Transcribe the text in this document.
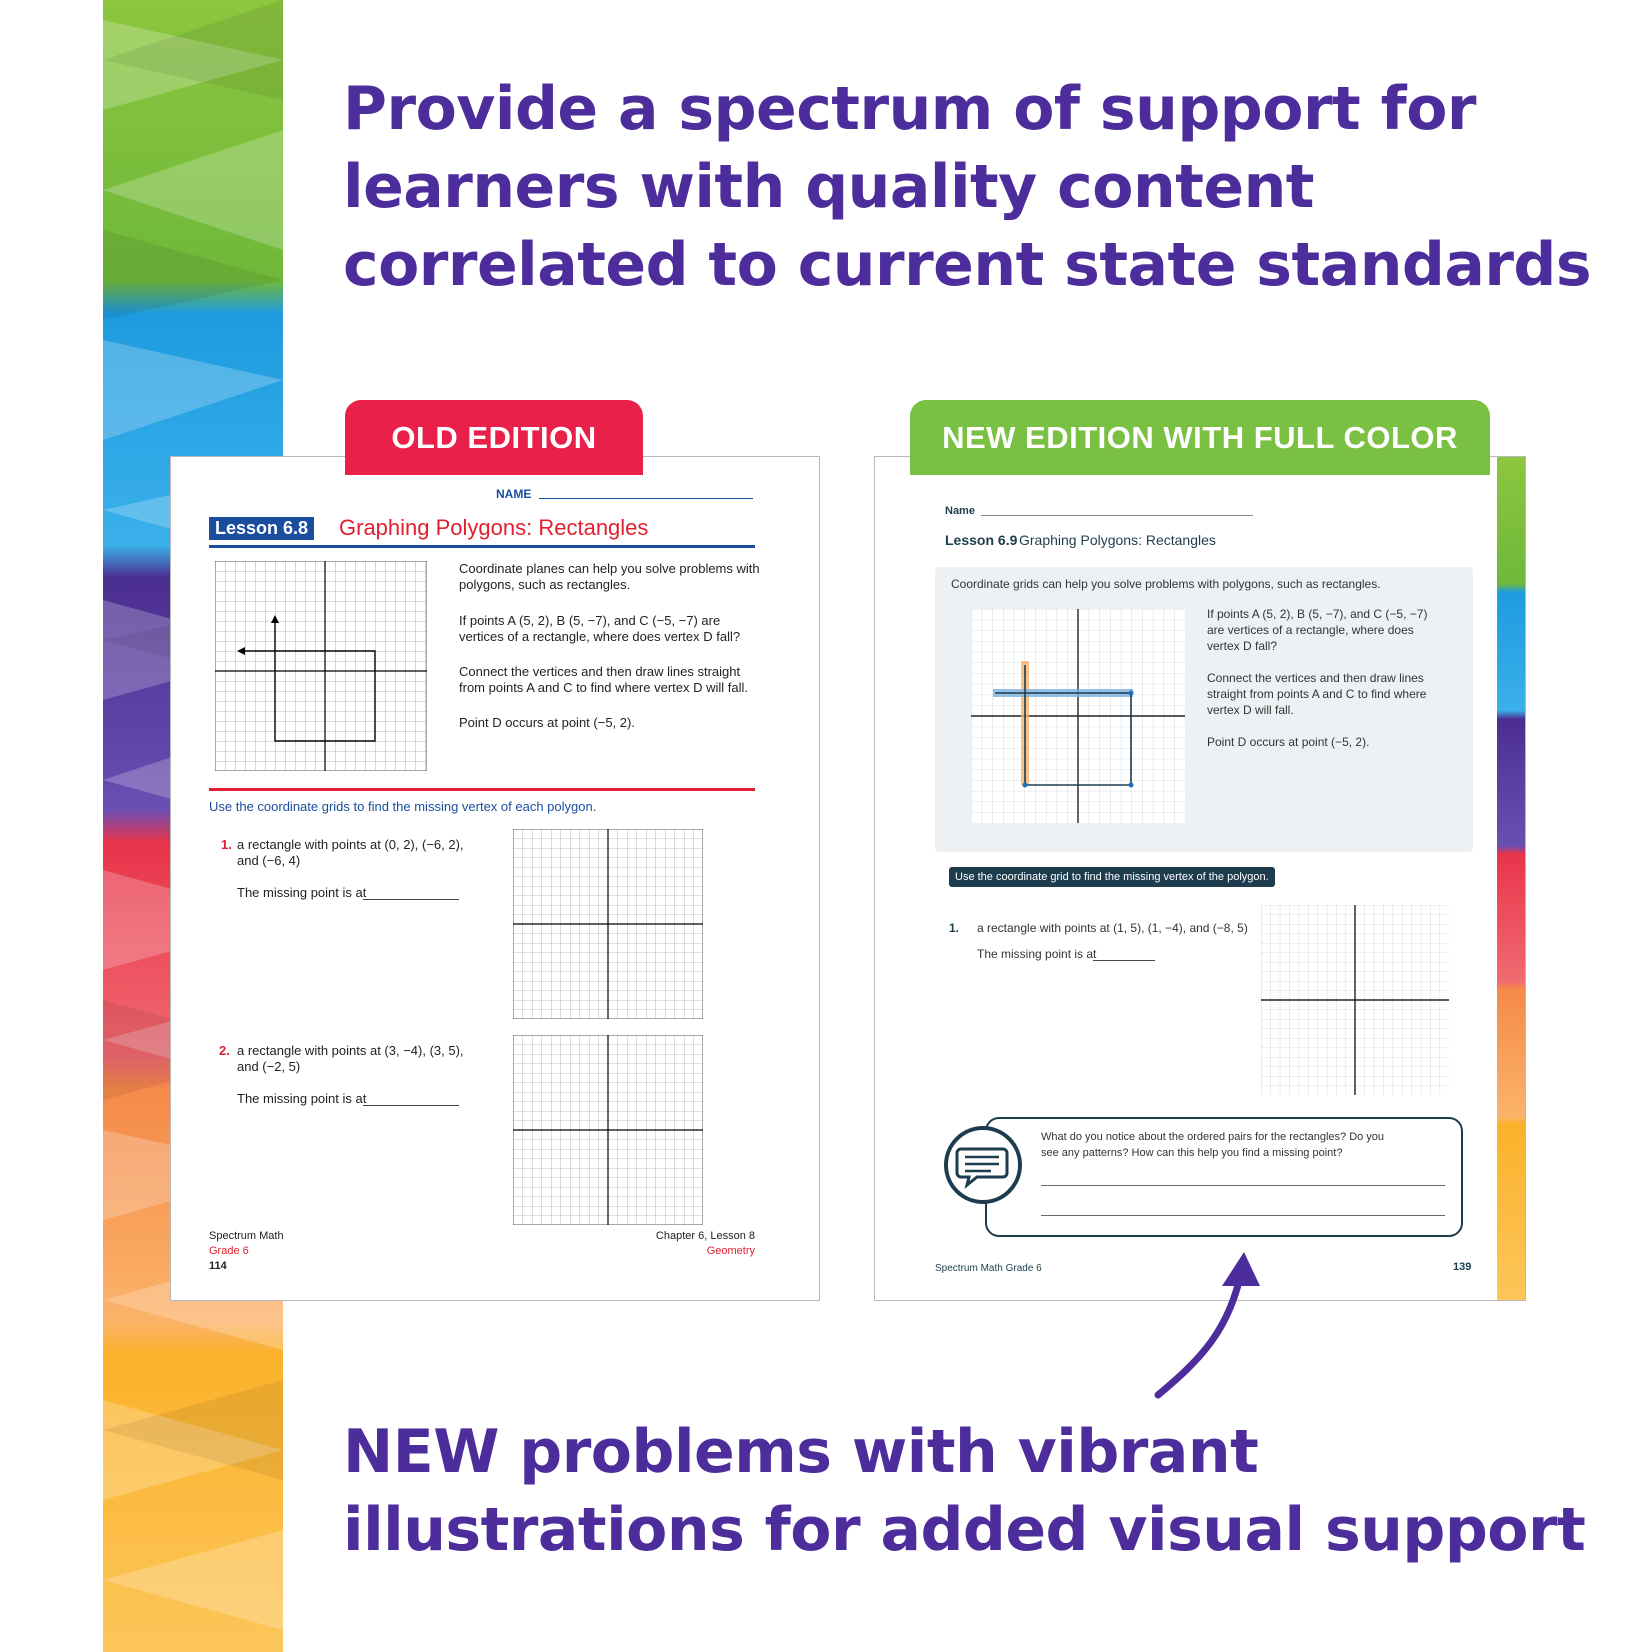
Provide a spectrum of support for
learners with quality content
correlated to current state standards
NAME
Lesson 6.8 Graphing Polygons: Rectangles
Coordinate planes can help you solve problems with
polygons, such as rectangles.
If points A (5, 2), B (5, −7), and C (−5, −7) are
vertices of a rectangle, where does vertex D fall?
Connect the vertices and then draw lines straight
from points A and C to find where vertex D will fall.
Point D occurs at point (−5, 2).
Use the coordinate grids to find the missing vertex of each polygon.
1. a rectangle with points at (0, 2), (−6, 2),
and (−6, 4)
The missing point is at
2. a rectangle with points at (3, −4), (3, 5),
and (−2, 5)
The missing point is at
Spectrum Math
Grade 6
114
Chapter 6, Lesson 8
Geometry
OLD EDITION
Name
Lesson 6.9 Graphing Polygons: Rectangles
Coordinate grids can help you solve problems with polygons, such as rectangles.
If points A (5, 2), B (5, −7), and C (−5, −7)
are vertices of a rectangle, where does
vertex D fall?
Connect the vertices and then draw lines
straight from points A and C to find where
vertex D will fall.
Point D occurs at point (−5, 2).
Use the coordinate grid to find the missing vertex of the polygon.
1. a rectangle with points at (1, 5), (1, −4), and (−8, 5)
The missing point is at
What do you notice about the ordered pairs for the rectangles? Do you
see any patterns? How can this help you find a missing point?
Spectrum Math Grade 6	139
NEW EDITION WITH FULL COLOR
NEW problems with vibrant
illustrations for added visual support
